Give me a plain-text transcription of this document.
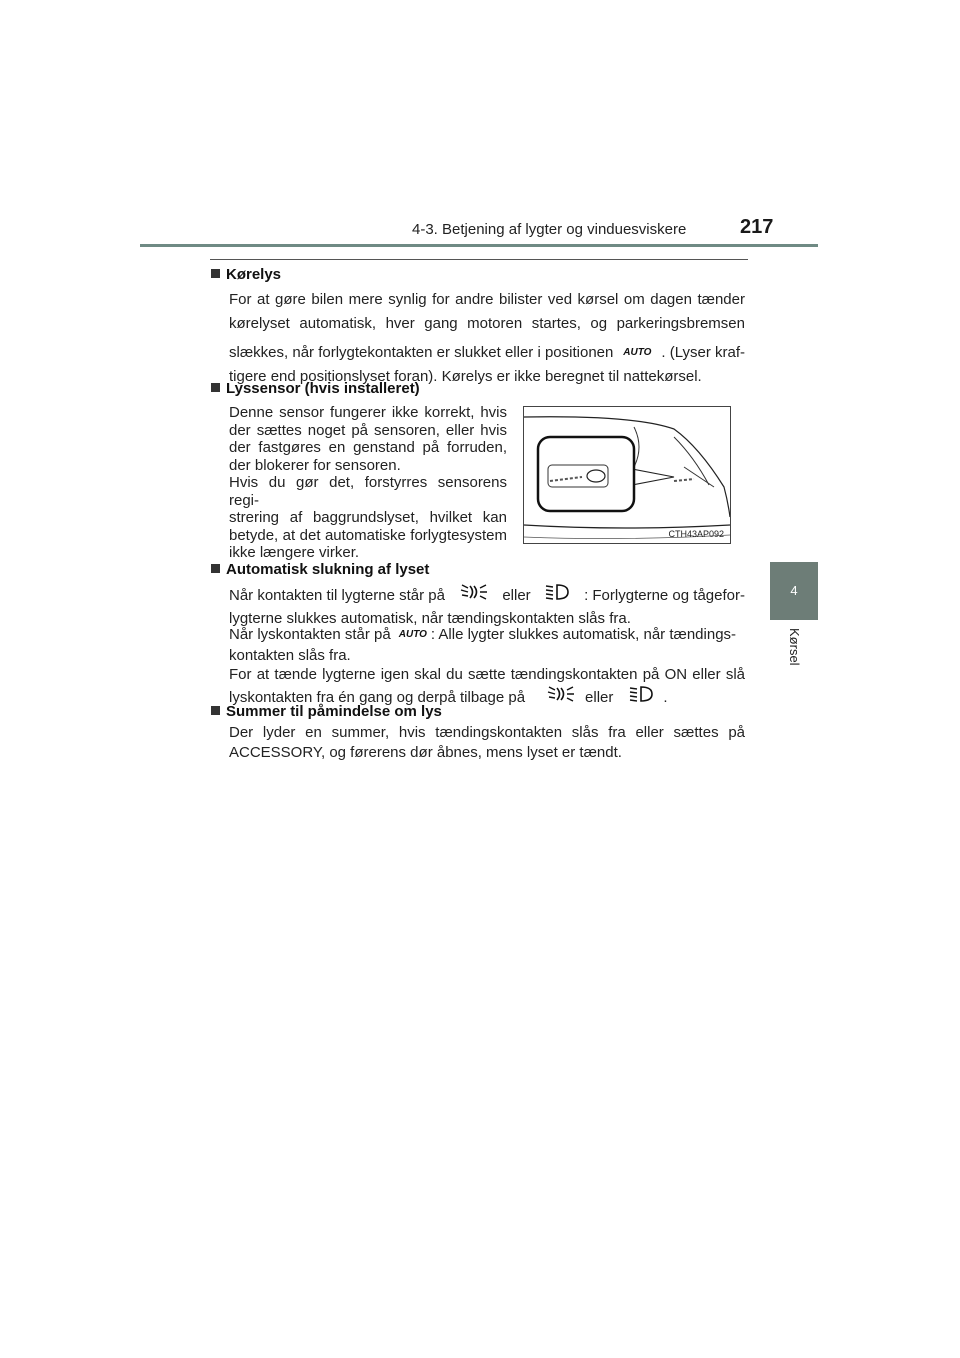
4-3. Betjening af lygter og vinduesviskere	217
4
Kørsel
Kørelys
For at gøre bilen mere synlig for andre bilister ved kørsel om dagen tænder
kørelyset automatisk, hver gang motoren startes, og parkeringsbremsen
slækkes, når forlygtekontakten er slukket eller i positionen AUTO . (Lyser kraf-
tigere end positionslyset foran). Kørelys er ikke beregnet til nattekørsel.
Lyssensor (hvis installeret)
Denne sensor fungerer ikke korrekt, hvis
der sættes noget på sensoren, eller hvis
der fastgøres en genstand på forruden,
der blokerer for sensoren.
Hvis du gør det, forstyrres sensorens regi-
strering af baggrundslyset, hvilket kan
betyde, at det automatiske forlygtesystem
ikke længere virker.
CTH43AP092
Automatisk slukning af lyset
Når kontakten til lygterne står på	eller	: Forlygterne og tågefor-
lygterne slukkes automatisk, når tændingskontakten slås fra.
Når lyskontakten står på AUTO : Alle lygter slukkes automatisk, når tændings-
kontakten slås fra.
For at tænde lygterne igen skal du sætte tændingskontakten på ON eller slå
lyskontakten fra én gang og derpå tilbage på	eller	.
Summer til påmindelse om lys
Der lyder en summer, hvis tændingskontakten slås fra eller sættes på
ACCESSORY, og førerens dør åbnes, mens lyset er tændt.
